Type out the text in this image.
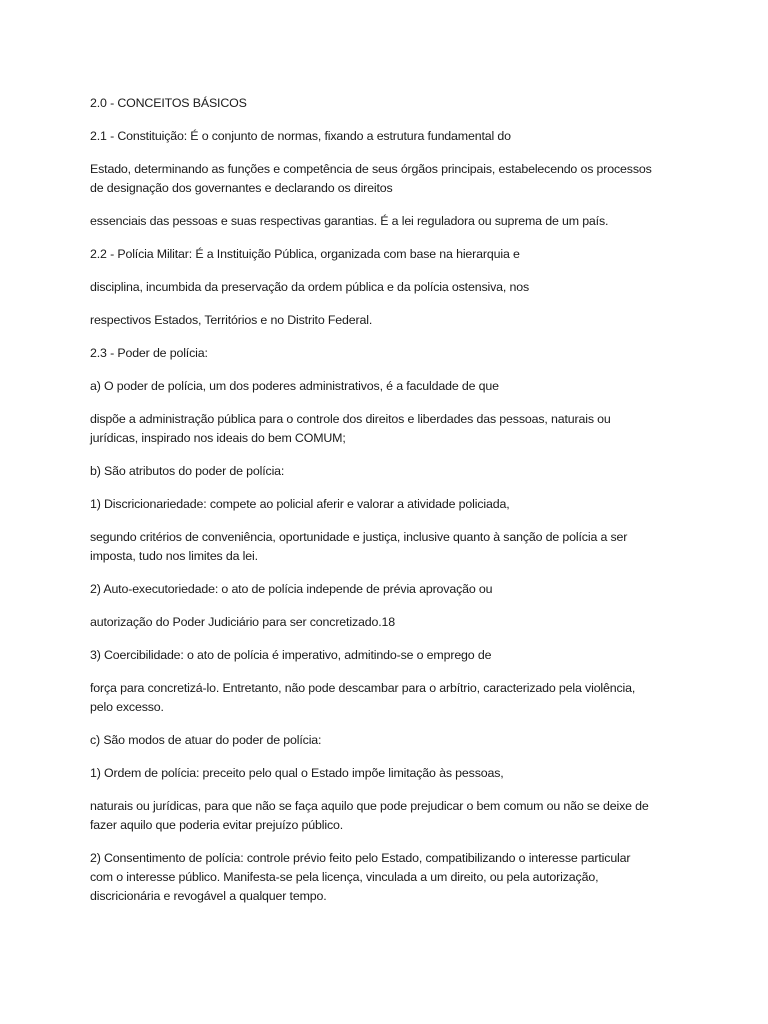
2.0 - CONCEITOS BÁSICOS

2.1 - Constituição: É o conjunto de normas, fixando a estrutura fundamental do

Estado, determinando as funções e competência de seus órgãos principais, estabelecendo os processos

de designação dos governantes e declarando os direitos

essenciais das pessoas e suas respectivas garantias. É a lei reguladora ou suprema de um país.

2.2 - Polícia Militar: É a Instituição Pública, organizada com base na hierarquia e

disciplina, incumbida da preservação da ordem pública e da polícia ostensiva, nos

respectivos Estados, Territórios e no Distrito Federal.

2.3 - Poder de polícia:

a) O poder de polícia, um dos poderes administrativos, é a faculdade de que

dispõe a administração pública para o controle dos direitos e liberdades das pessoas, naturais ou

jurídicas, inspirado nos ideais do bem COMUM;

b) São atributos do poder de polícia:

1) Discricionariedade: compete ao policial aferir e valorar a atividade policiada,

segundo critérios de conveniência, oportunidade e justiça, inclusive quanto à sanção de polícia a ser

imposta, tudo nos limites da lei.

2) Auto-executoriedade: o ato de polícia independe de prévia aprovação ou

autorização do Poder Judiciário para ser concretizado.18

3) Coercibilidade: o ato de polícia é imperativo, admitindo-se o emprego de

força para concretizá-lo. Entretanto, não pode descambar para o arbítrio, caracterizado pela violência,

pelo excesso.

c) São modos de atuar do poder de polícia:

1) Ordem de polícia: preceito pelo qual o Estado impõe limitação às pessoas,

naturais ou jurídicas, para que não se faça aquilo que pode prejudicar o bem comum ou não se deixe de

fazer aquilo que poderia evitar prejuízo público.

2) Consentimento de polícia: controle prévio feito pelo Estado, compatibilizando o interesse particular

com o interesse público. Manifesta-se pela licença, vinculada a um direito, ou pela autorização,

discricionária e revogável a qualquer tempo.
